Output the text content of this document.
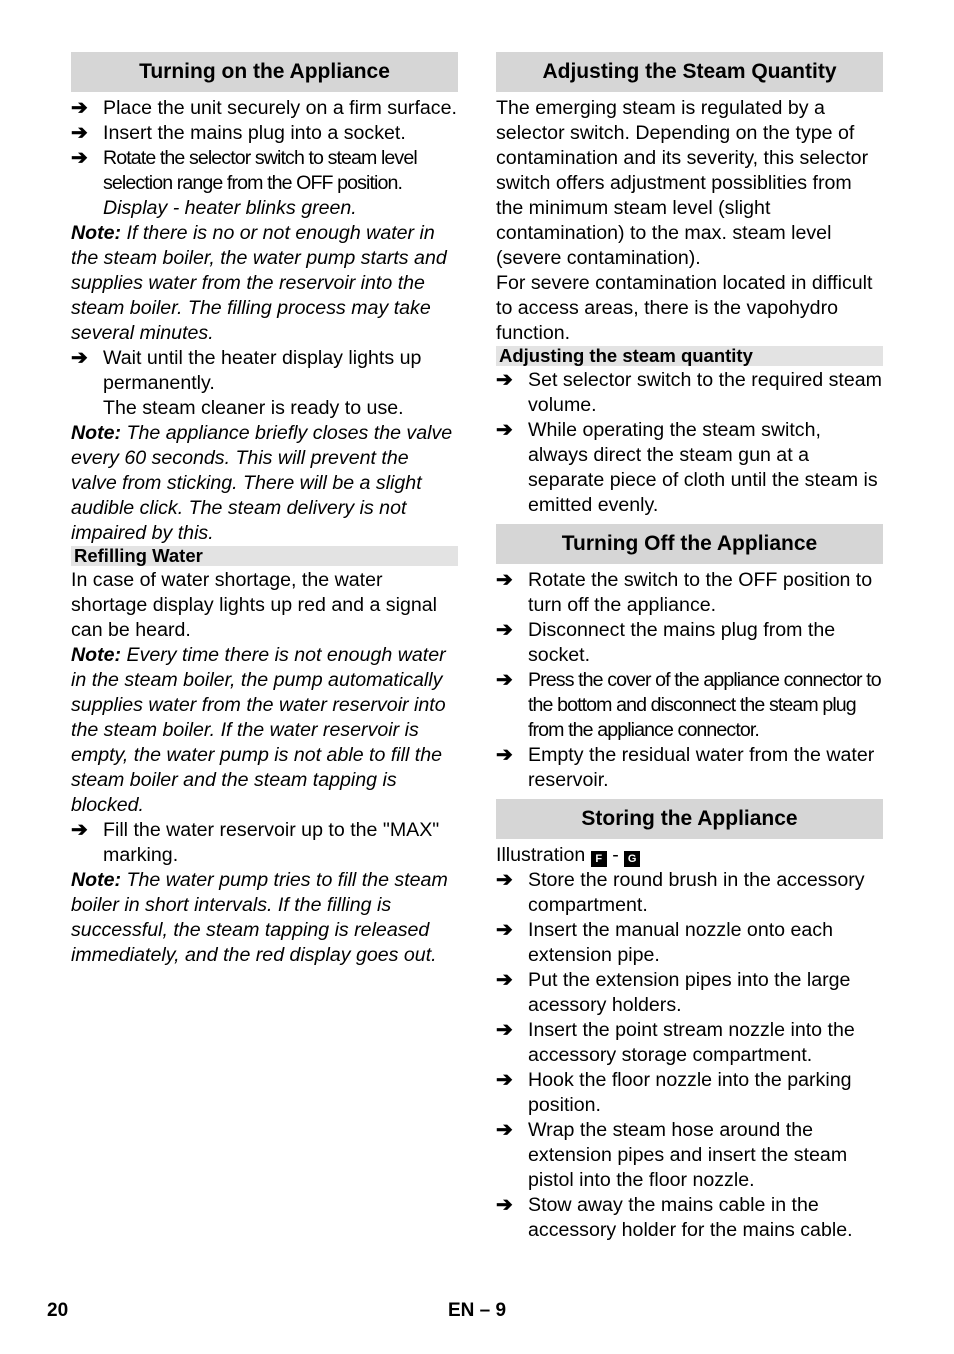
Turning on the Appliance
➔ Place the unit securely on a firm surface.
➔ Insert the mains plug into a socket.
➔ Rotate the selector switch to steam level selection range from the OFF position.
Display - heater blinks green.
Note: If there is no or not enough water in the steam boiler, the water pump starts and supplies water from the reservoir into the steam boiler. The filling process may take several minutes.
➔ Wait until the heater display lights up permanently.
The steam cleaner is ready to use.
Note: The appliance briefly closes the valve every 60 seconds. This will prevent the valve from sticking. There will be a slight audible click. The steam delivery is not impaired by this.
Refilling Water
In case of water shortage, the water shortage display lights up red and a signal can be heard.
Note: Every time there is not enough water in the steam boiler, the pump automatically supplies water from the water reservoir into the steam boiler. If the water reservoir is empty, the water pump is not able to fill the steam boiler and the steam tapping is blocked.
➔ Fill the water reservoir up to the "MAX" marking.
Note: The water pump tries to fill the steam boiler in short intervals. If the filling is successful, the steam tapping is released immediately, and the red display goes out.
Adjusting the Steam Quantity
The emerging steam is regulated by a selector switch. Depending on the type of contamination and its severity, this selector switch offers adjustment possiblities from the minimum steam level (slight contamination) to the max. steam level (severe contamination).
For severe contamination located in difficult to access areas, there is the vapohydro function.
Adjusting the steam quantity
➔ Set selector switch to the required steam volume.
➔ While operating the steam switch, always direct the steam gun at a separate piece of cloth until the steam is emitted evenly.
Turning Off the Appliance
➔ Rotate the switch to the OFF position to turn off the appliance.
➔ Disconnect the mains plug from the socket.
➔ Press the cover of the appliance connector to the bottom and disconnect the steam plug from the appliance connector.
➔ Empty the residual water from the water reservoir.
Storing the Appliance
Illustration F - G
➔ Store the round brush in the accessory compartment.
➔ Insert the manual nozzle onto each extension pipe.
➔ Put the extension pipes into the large acessory holders.
➔ Insert the point stream nozzle into the accessory storage compartment.
➔ Hook the floor nozzle into the parking position.
➔ Wrap the steam hose around the extension pipes and insert the steam pistol into the floor nozzle.
➔ Stow away the mains cable in the accessory holder for the mains cable.
20	EN – 9
